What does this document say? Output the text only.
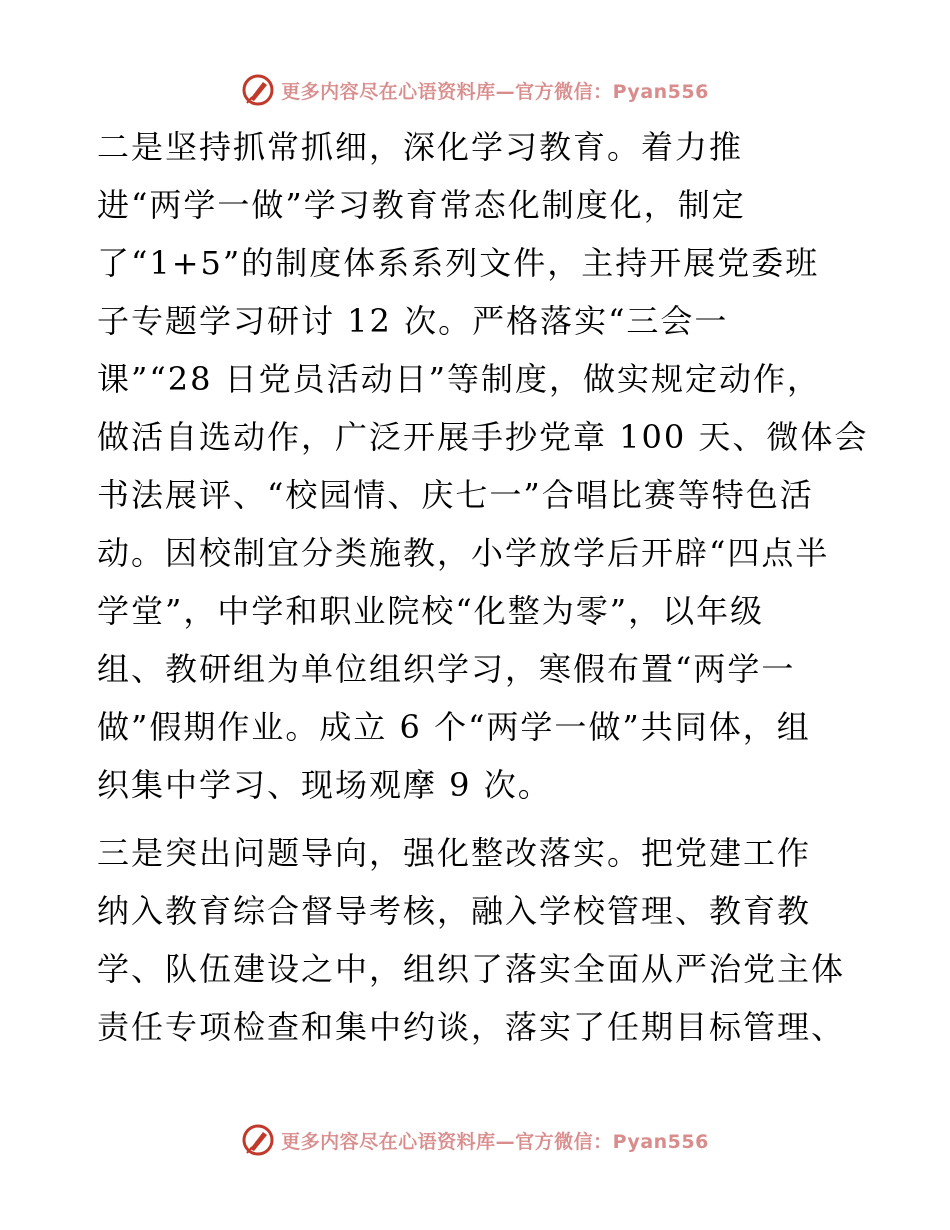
更多内容尽在心语资料库—官方微信：Pyan556

二是坚持抓常抓细，深化学习教育。着力推
进“两学一做”学习教育常态化制度化，制定
了“1+5”的制度体系系列文件，主持开展党委班
子专题学习研讨 12 次。严格落实“三会一
课”“28 日党员活动日”等制度，做实规定动作，
做活自选动作，广泛开展手抄党章 100 天、微体会
书法展评、“校园情、庆七一”合唱比赛等特色活
动。因校制宜分类施教，小学放学后开辟“四点半
学堂”，中学和职业院校“化整为零”，以年级
组、教研组为单位组织学习，寒假布置“两学一
做”假期作业。成立 6 个“两学一做”共同体，组
织集中学习、现场观摩 9 次。

三是突出问题导向，强化整改落实。把党建工作
纳入教育综合督导考核，融入学校管理、教育教
学、队伍建设之中，组织了落实全面从严治党主体
责任专项检查和集中约谈，落实了任期目标管理、

更多内容尽在心语资料库—官方微信：Pyan556
